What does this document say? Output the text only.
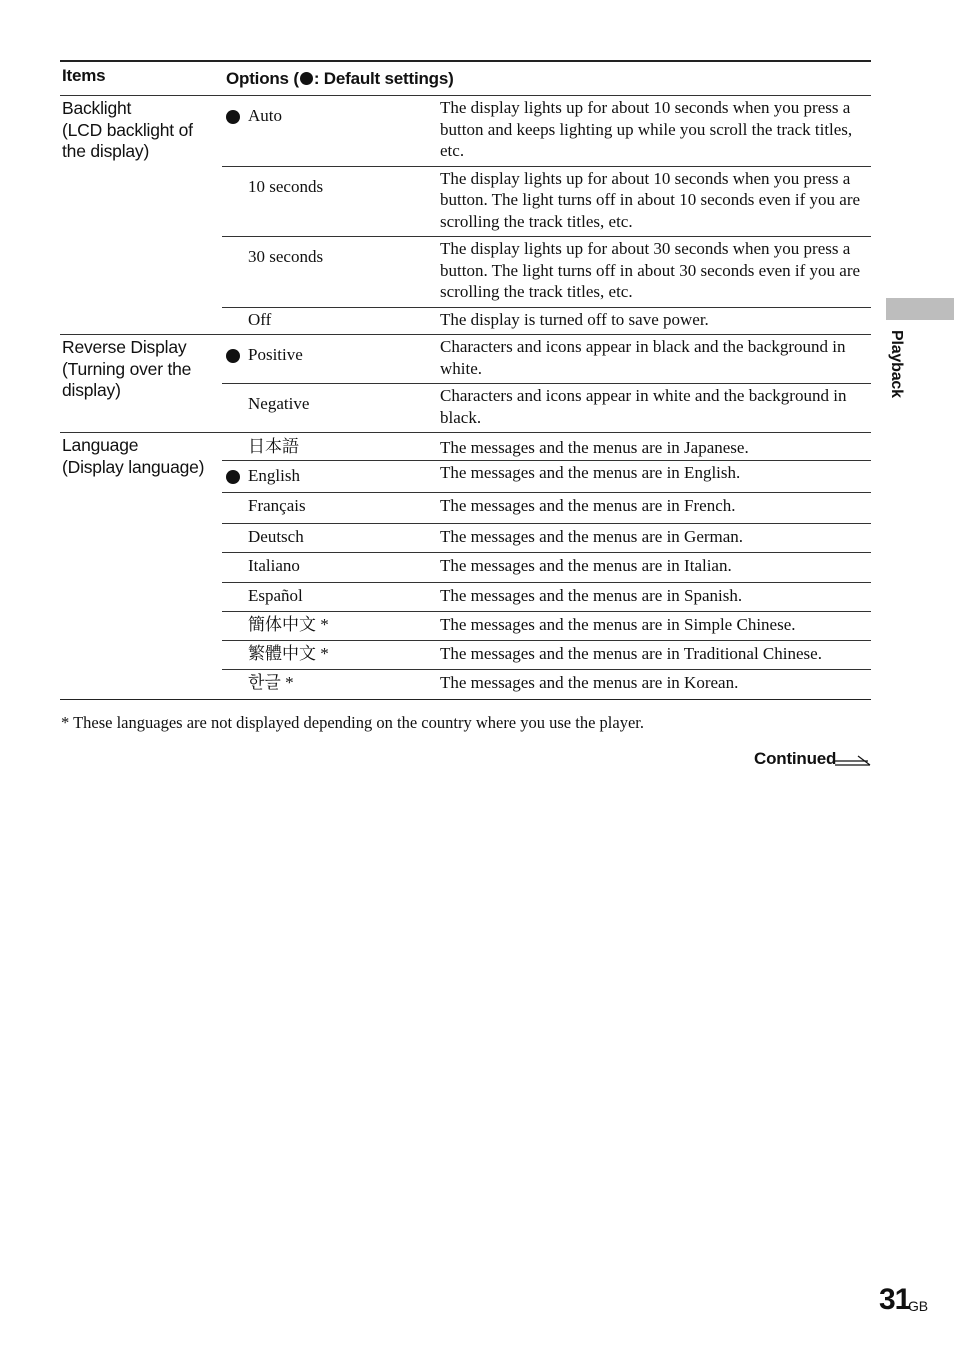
Items	Options ( : Default settings)
Backlight
(LCD backlight of
the display)
Auto	The display lights up for about 10 seconds when you press a button and keeps lighting up while you scroll the track titles, etc.
10 seconds	The display lights up for about 10 seconds when you press a button. The light turns off in about 10 seconds even if you are scrolling the track titles, etc.
30 seconds	The display lights up for about 30 seconds when you press a button. The light turns off in about 30 seconds even if you are scrolling the track titles, etc.
Off	The display is turned off to save power.
Reverse Display
(Turning over the
display)
Positive	Characters and icons appear in black and the background in white.
Negative	Characters and icons appear in white and the background in black.
Language
(Display language)
日本語	The messages and the menus are in Japanese.
English	The messages and the menus are in English.
Français	The messages and the menus are in French.
Deutsch	The messages and the menus are in German.
Italiano	The messages and the menus are in Italian.
Español	The messages and the menus are in Spanish.
簡体中文 *	The messages and the menus are in Simple Chinese.
繁體中文 *	The messages and the menus are in Traditional Chinese.
한글 *	The messages and the menus are in Korean.
* These languages are not displayed depending on the country where you use the player.
Continued
Playback
31
GB
